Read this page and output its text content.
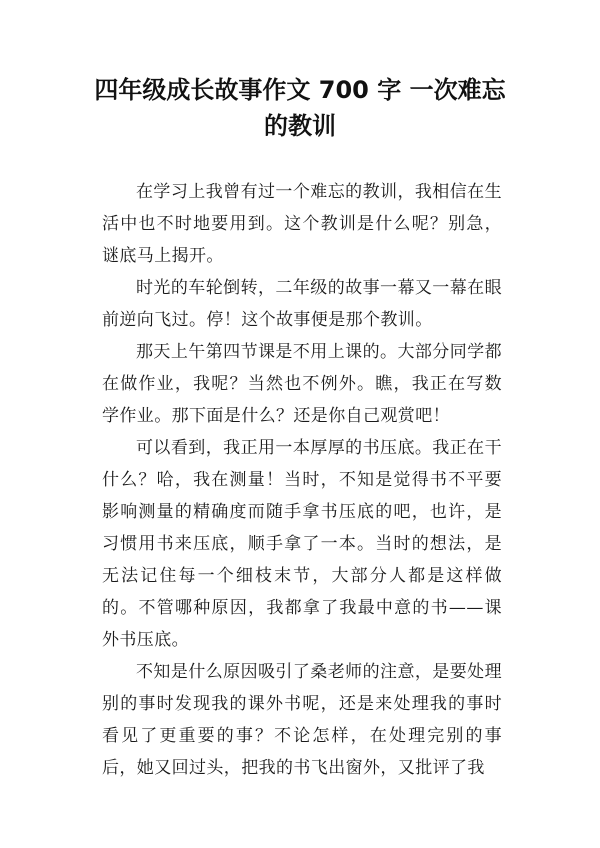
四年级成长故事作文 700 字 一次难忘的教训

在学习上我曾有过一个难忘的教训，我相信在生活中也不时地要用到。这个教训是什么呢？别急，谜底马上揭开。

时光的车轮倒转，二年级的故事一幕又一幕在眼前逆向飞过。停！这个故事便是那个教训。

那天上午第四节课是不用上课的。大部分同学都在做作业，我呢？当然也不例外。瞧，我正在写数学作业。那下面是什么？还是你自己观赏吧！

可以看到，我正用一本厚厚的书压底。我正在干什么？哈，我在测量！当时，不知是觉得书不平要影响测量的精确度而随手拿书压底的吧，也许，是习惯用书来压底，顺手拿了一本。当时的想法，是无法记住每一个细枝末节，大部分人都是这样做的。不管哪种原因，我都拿了我最中意的书——课外书压底。

不知是什么原因吸引了桑老师的注意，是要处理别的事时发现我的课外书呢，还是来处理我的事时看见了更重要的事？不论怎样，在处理完别的事后，她又回过头，把我的书飞出窗外，又批评了我
